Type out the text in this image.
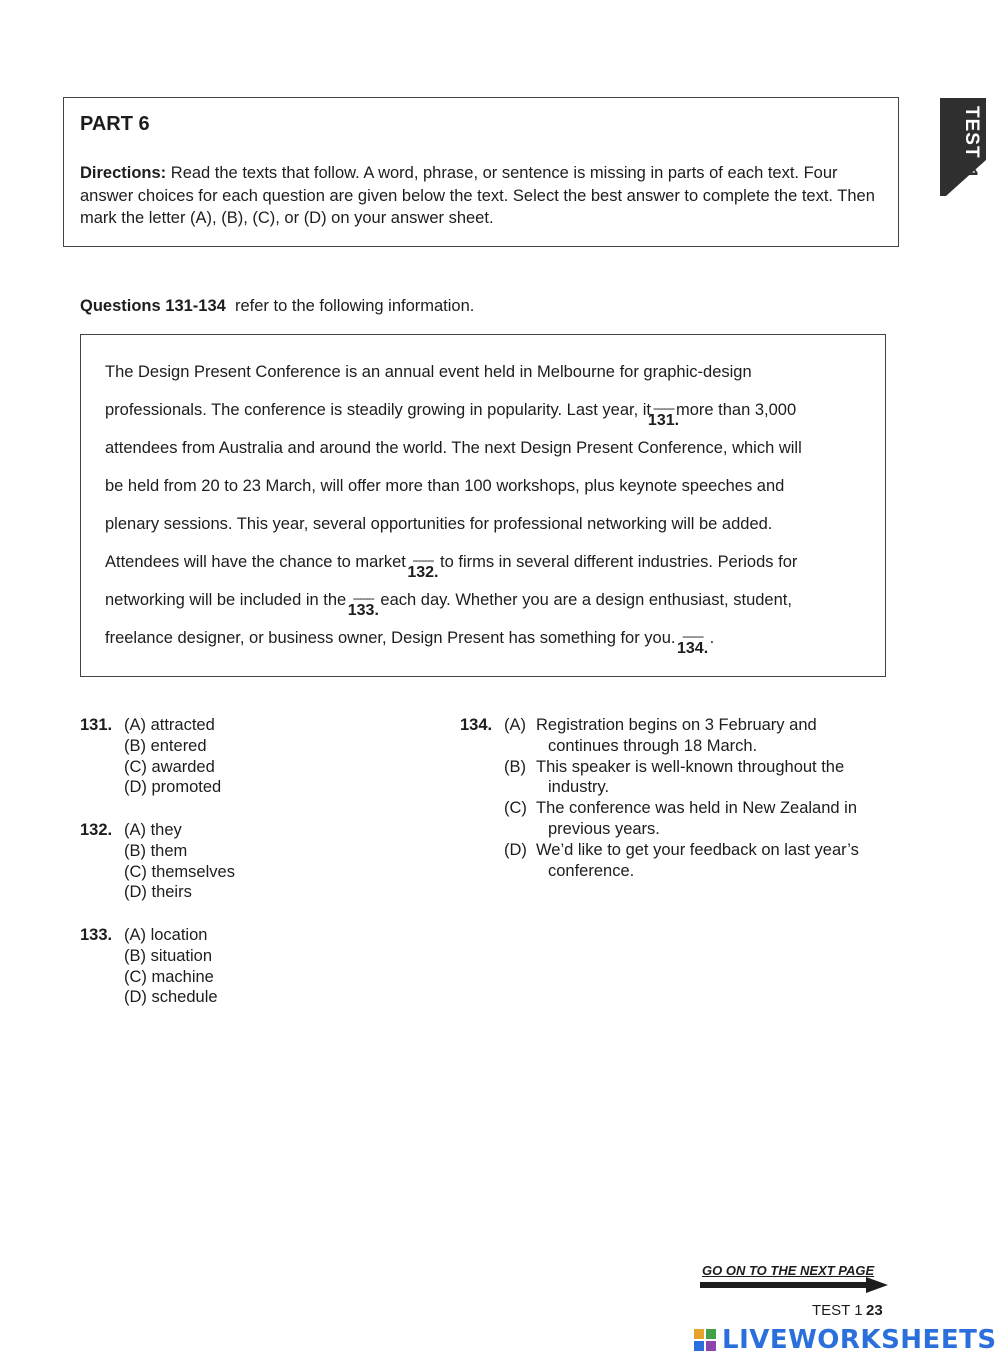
PART 6
Directions: Read the texts that follow. A word, phrase, or sentence is missing in parts of each text. Four answer choices for each question are given below the text. Select the best answer to complete the text. Then mark the letter (A), (B), (C), or (D) on your answer sheet.
TEST
1
Questions 131-134 refer to the following information.
The Design Present Conference is an annual event held in Melbourne for graphic-design
professionals. The conference is steadily growing in popularity. Last year, it -------
131.
more than 3,000
attendees from Australia and around the world. The next Design Present Conference, which will
be held from 20 to 23 March, will offer more than 100 workshops, plus keynote speeches and
plenary sessions. This year, several opportunities for professional networking will be added.
Attendees will have the chance to market -------
132.
to firms in several different industries. Periods for
networking will be included in the -------
133.
each day. Whether you are a design enthusiast, student,
freelance designer, or business owner, Design Present has something for you. -------
134.
.
131. (A) attracted
(B) entered
(C) awarded
(D) promoted
132. (A) they
(B) them
(C) themselves
(D) theirs
133. (A) location
(B) situation
(C) machine
(D) schedule
134. (A) Registration begins on 3 February and
continues through 18 March.
(B) This speaker is well-known throughout the
industry.
(C) The conference was held in New Zealand in
previous years.
(D) We’d like to get your feedback on last year’s
conference.
GO ON TO THE NEXT PAGE
TEST 1 23
LIVEWORKSHEETS
